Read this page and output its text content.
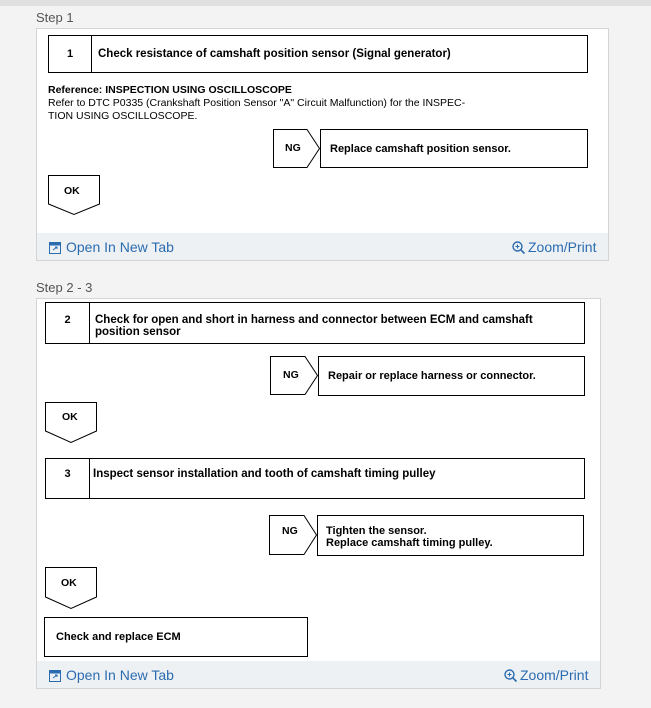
Step 1
1	Check resistance of camshaft position sensor (Signal generator)
Reference: INSPECTION USING OSCILLOSCOPE
Refer to DTC P0335 (Crankshaft Position Sensor "A" Circuit Malfunction) for the INSPEC-
TION USING OSCILLOSCOPE.
NG	Replace camshaft position sensor.
OK
Open In New Tab	Zoom/Print
Step 2 - 3
2	Check for open and short in harness and connector between ECM and camshaft
position sensor
NG	Repair or replace harness or connector.
OK
3	Inspect sensor installation and tooth of camshaft timing pulley
NG	Tighten the sensor.
Replace camshaft timing pulley.
OK
Check and replace ECM
Open In New Tab	Zoom/Print
